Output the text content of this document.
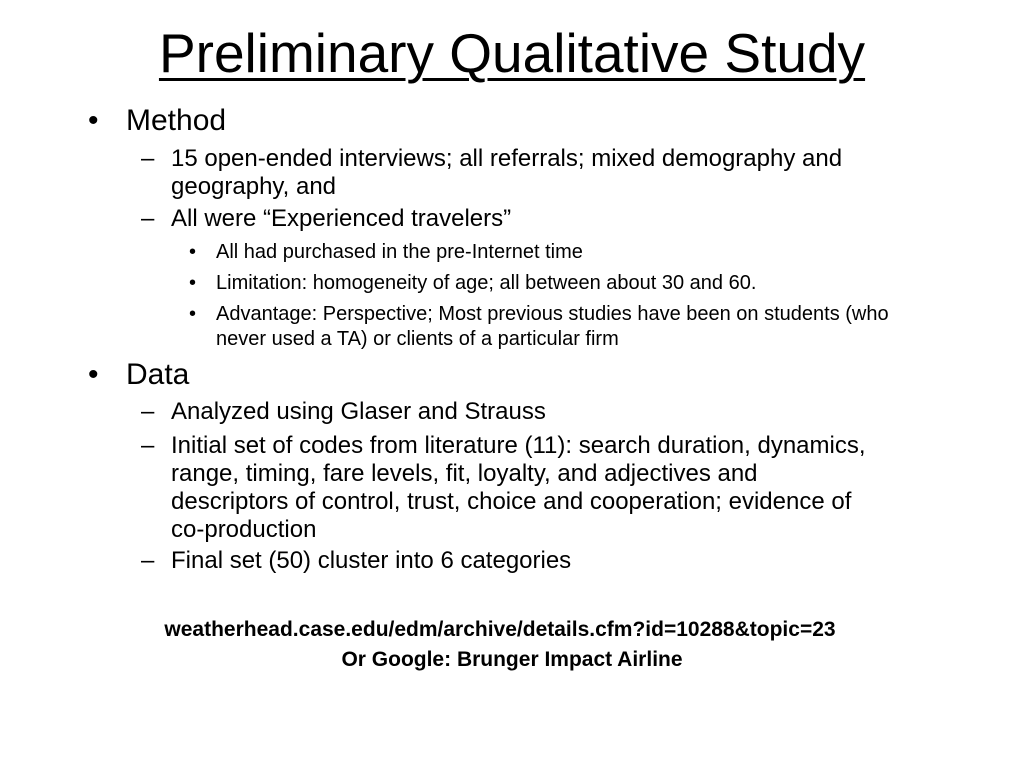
Preliminary Qualitative Study
• Method
– 15 open-ended interviews; all referrals; mixed demography and geography, and
– All were “Experienced travelers”
• All had purchased in the pre-Internet time
• Limitation: homogeneity of age; all between about 30 and 60.
• Advantage: Perspective; Most previous studies have been on students (who never used a TA) or clients of a particular firm
• Data
– Analyzed using Glaser and Strauss
– Initial set of codes from literature (11): search duration, dynamics, range, timing, fare levels, fit, loyalty, and adjectives and descriptors of control, trust, choice and cooperation; evidence of co-production
– Final set (50) cluster into 6 categories
weatherhead.case.edu/edm/archive/details.cfm?id=10288&topic=23
Or Google: Brunger Impact Airline
